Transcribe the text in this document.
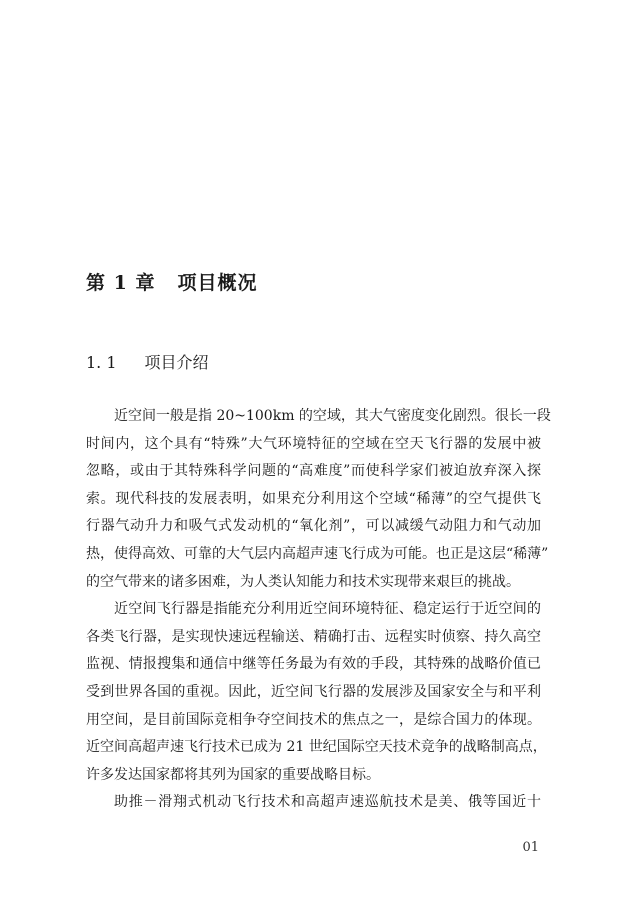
第 1 章 项目概况
1. 1 项目介绍
近空间一般是指 20~100km 的空域，其大气密度变化剧烈。很长一段
时间内，这个具有“特殊”大气环境特征的空域在空天飞行器的发展中被
忽略，或由于其特殊科学问题的“高难度”而使科学家们被迫放弃深入探
索。现代科技的发展表明，如果充分利用这个空域“稀薄”的空气提供飞
行器气动升力和吸气式发动机的“氧化剂”，可以减缓气动阻力和气动加
热，使得高效、可靠的大气层内高超声速飞行成为可能。也正是这层“稀薄”
的空气带来的诸多困难，为人类认知能力和技术实现带来艰巨的挑战。
近空间飞行器是指能充分利用近空间环境特征、稳定运行于近空间的
各类飞行器，是实现快速远程输送、精确打击、远程实时侦察、持久高空
监视、情报搜集和通信中继等任务最为有效的手段，其特殊的战略价值已
受到世界各国的重视。因此，近空间飞行器的发展涉及国家安全与和平利
用空间，是目前国际竞相争夺空间技术的焦点之一，是综合国力的体现。
近空间高超声速飞行技术已成为 21 世纪国际空天技术竞争的战略制高点，
许多发达国家都将其列为国家的重要战略目标。
助推－滑翔式机动飞行技术和高超声速巡航技术是美、俄等国近十
01
